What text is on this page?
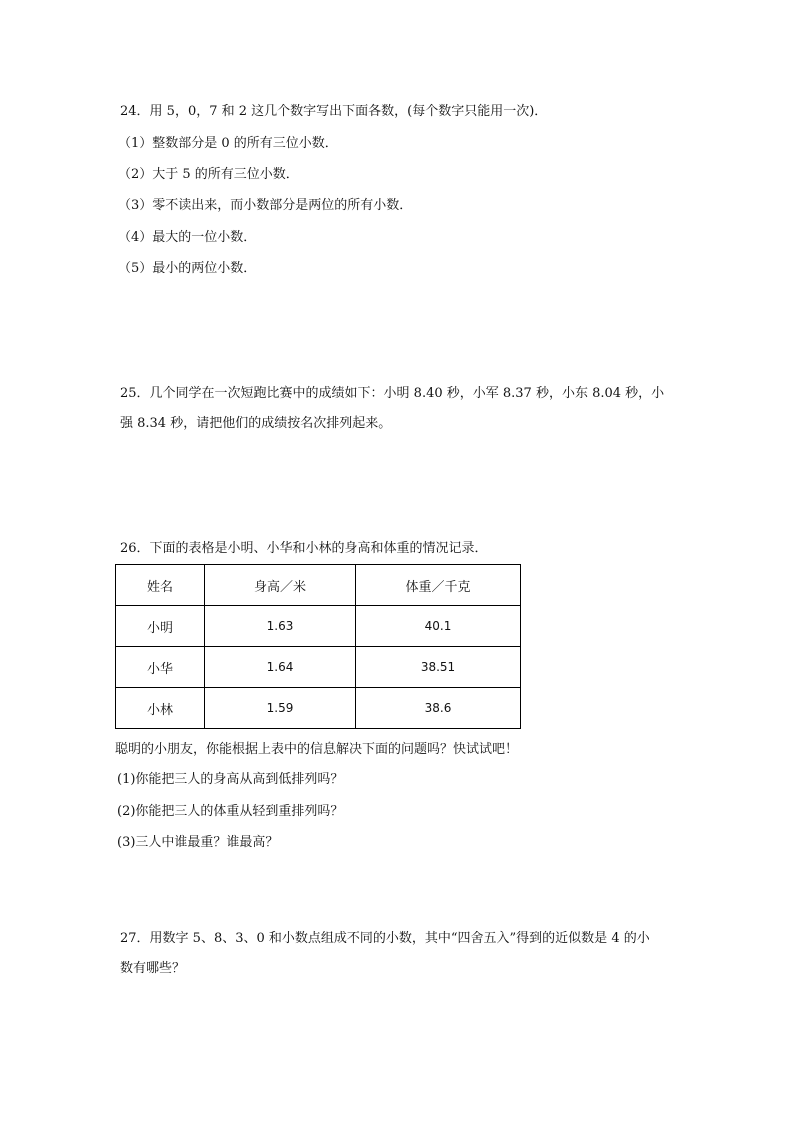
24．用 5，0，7 和 2 这几个数字写出下面各数，(每个数字只能用一次)．
（1）整数部分是 0 的所有三位小数．
（2）大于 5 的所有三位小数．
（3）零不读出来，而小数部分是两位的所有小数．
（4）最大的一位小数．
（5）最小的两位小数．
25．几个同学在一次短跑比赛中的成绩如下：小明 8.40 秒，小军 8.37 秒，小东 8.04 秒，小
强 8.34 秒，请把他们的成绩按名次排列起来。
26．下面的表格是小明、小华和小林的身高和体重的情况记录．
姓名	身高／米	体重／千克
小明	1.63	40.1
小华	1.64	38.51
小林	1.59	38.6
聪明的小朋友，你能根据上表中的信息解决下面的问题吗？快试试吧！
(1)你能把三人的身高从高到低排列吗？
(2)你能把三人的体重从轻到重排列吗？
(3)三人中谁最重？谁最高？
27．用数字 5、8、3、0 和小数点组成不同的小数，其中“四舍五入”得到的近似数是 4 的小
数有哪些？
